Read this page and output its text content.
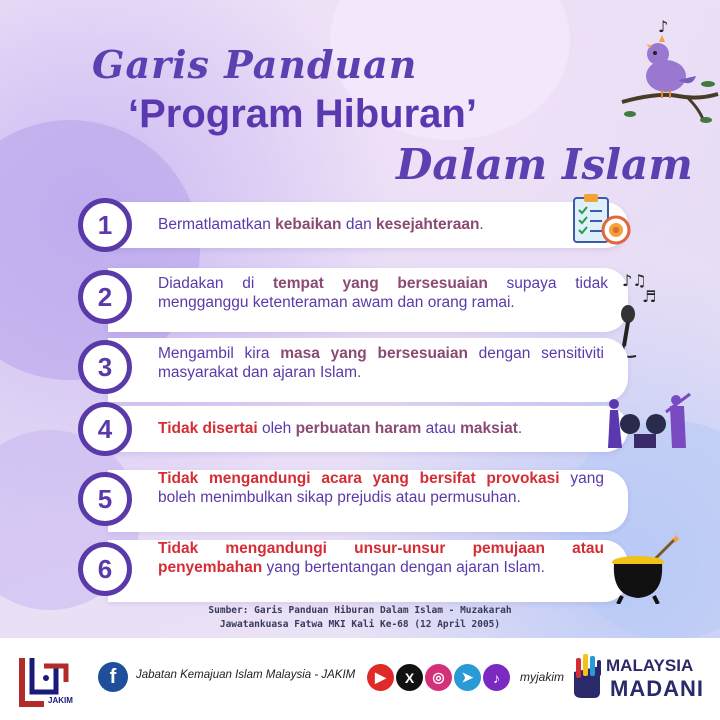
Garis Panduan
‘Program Hiburan’
Dalam Islam
♪
1	Bermatlamatkan kebaikan dan kesejahteraan.
2	Diadakan di tempat yang bersesuaian supaya tidak mengganggu ketenteraman awam dan orang ramai.
♪♫
♬
3	Mengambil kira masa yang bersesuaian dengan sensitiviti masyarakat dan ajaran Islam.
4	Tidak disertai oleh perbuatan haram atau maksiat.
5
Tidak mengandungi acara yang bersifat provokasi yang boleh menimbulkan sikap prejudis atau permusuhan.
6
Tidak mengandungi unsur-unsur pemujaan atau penyembahan yang bertentangan dengan ajaran Islam.
✦
Sumber: Garis Panduan Hiburan Dalam Islam - Muzakarah
Jawatankuasa Fatwa MKI Kali Ke-68 (12 April 2005)
JAKIM
f	Jabatan Kemajuan Islam Malaysia - JAKIM	▶	X	◎	➤	♪	myjakim
MALAYSIA
MADANI
